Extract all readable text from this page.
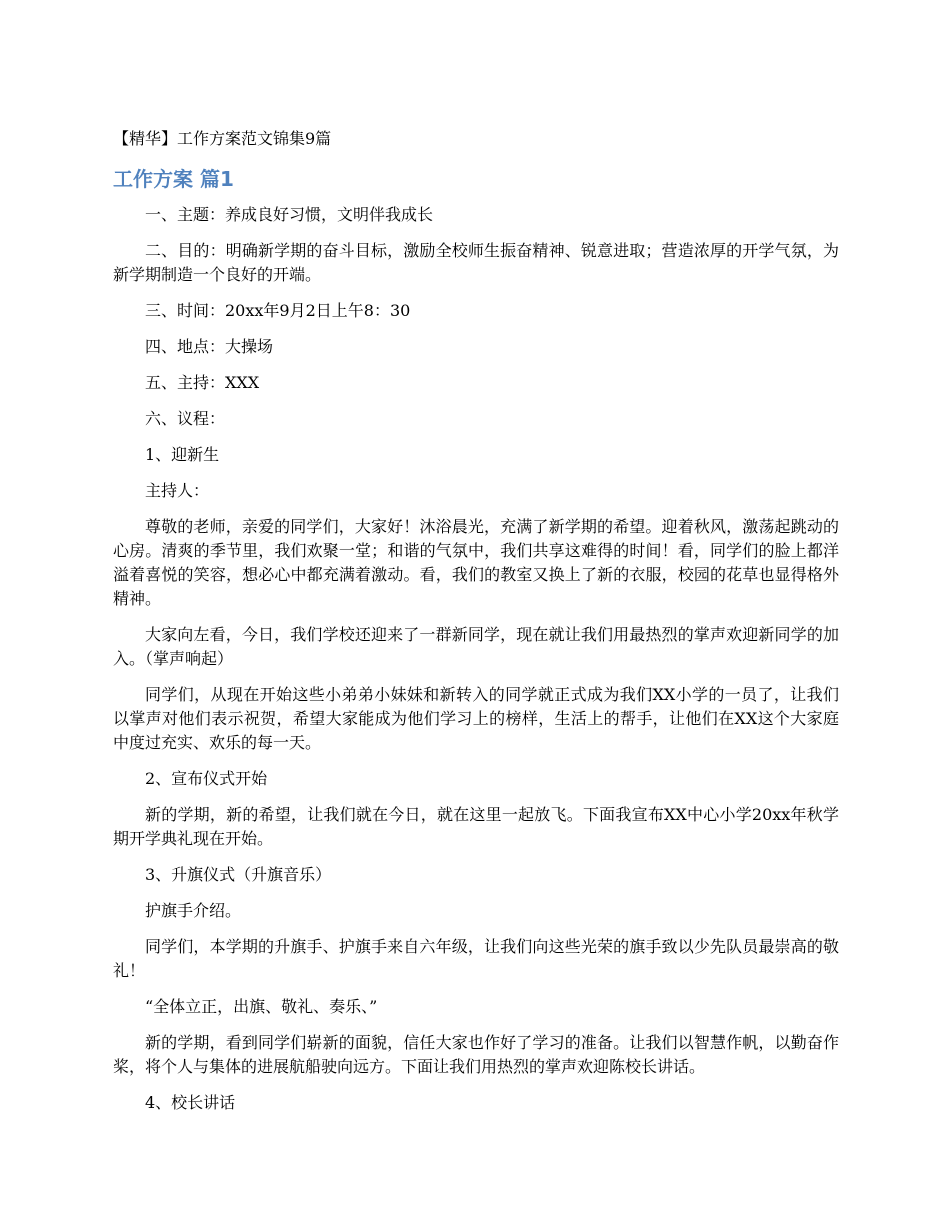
【精华】工作方案范文锦集9篇
工作方案 篇1

一、主题：养成良好习惯，文明伴我成长

二、目的：明确新学期的奋斗目标，激励全校师生振奋精神、锐意进取；营造浓厚的开学气氛，为新学期制造一个良好的开端。

三、时间：20xx年9月2日上午8：30

四、地点：大操场

五、主持：XXX

六、议程：

1、迎新生

主持人：

尊敬的老师，亲爱的同学们，大家好！沐浴晨光，充满了新学期的希望。迎着秋风，激荡起跳动的心房。清爽的季节里，我们欢聚一堂；和谐的气氛中，我们共享这难得的时间！看，同学们的脸上都洋溢着喜悦的笑容，想必心中都充满着激动。看，我们的教室又换上了新的衣服，校园的花草也显得格外精神。

大家向左看，今日，我们学校还迎来了一群新同学，现在就让我们用最热烈的掌声欢迎新同学的加入。（掌声响起）

同学们，从现在开始这些小弟弟小妹妹和新转入的同学就正式成为我们XX小学的一员了，让我们以掌声对他们表示祝贺，希望大家能成为他们学习上的榜样，生活上的帮手，让他们在XX这个大家庭中度过充实、欢乐的每一天。

2、宣布仪式开始

新的学期，新的希望，让我们就在今日，就在这里一起放飞。下面我宣布XX中心小学20xx年秋学期开学典礼现在开始。

3、升旗仪式（升旗音乐）

护旗手介绍。

同学们，本学期的升旗手、护旗手来自六年级，让我们向这些光荣的旗手致以少先队员最崇高的敬礼！

“全体立正，出旗、敬礼、奏乐、”

新的学期，看到同学们崭新的面貌，信任大家也作好了学习的准备。让我们以智慧作帆，以勤奋作桨，将个人与集体的进展航船驶向远方。下面让我们用热烈的掌声欢迎陈校长讲话。

4、校长讲话
